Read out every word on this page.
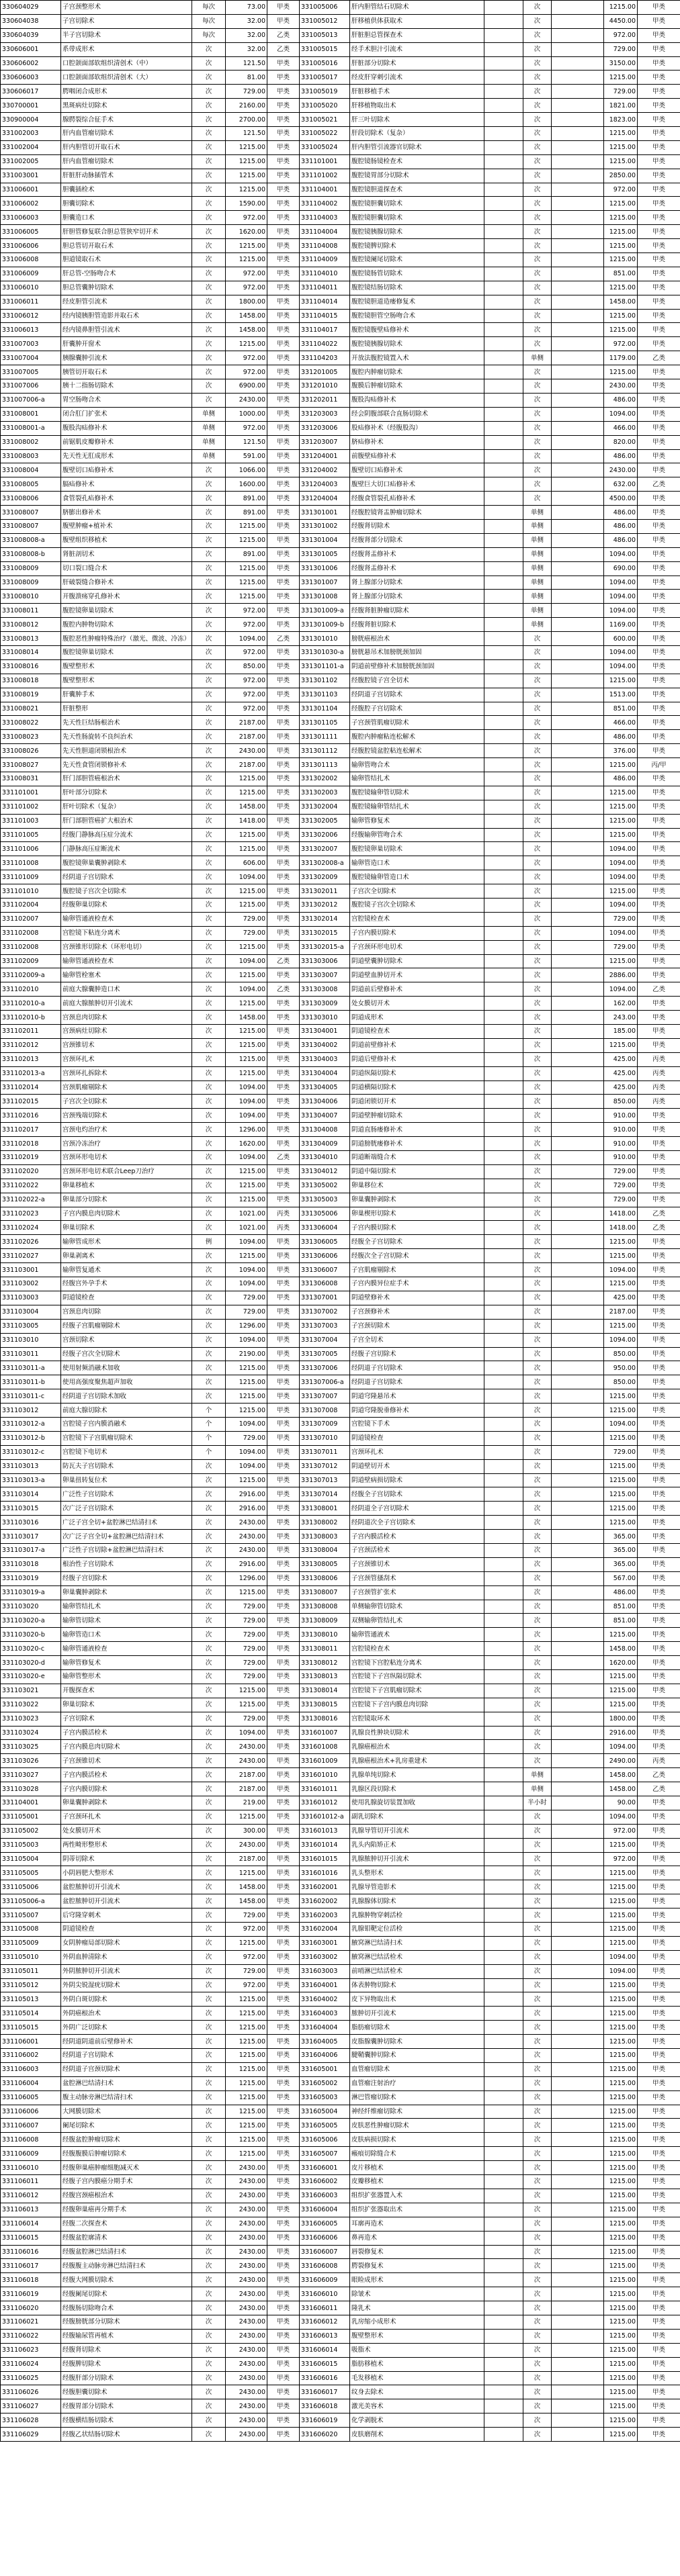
330604029	子宫颈整形术	每次	73.00	甲类	331005006	肝内胆管结石切除术		次		1215.00	甲类
330604038	子宫切除术	每次	32.00	甲类	331005012	肝移植供体获取术		次		4450.00	甲类
330604039	半子宫切除术	每次	32.00	乙类	331005013	肝脏胆总管探查术		次		972.00	甲类
330606001	系带成形术	次	32.00	乙类	331005015	经手术胆汁引流术		次		729.00	甲类
330606002	口腔颌面部软组织清创术（中）	次	121.50	甲类	331005016	肝脏部分切除术		次		3150.00	甲类
330606003	口腔颌面部软组织清创术（大）	次	81.00	甲类	331005017	经皮肝穿刺引流术		次		1215.00	甲类
330606017	腭咽闭合成形术	次	729.00	甲类	331005019	肝脏移植手术		次		729.00	甲类
330700001	黑斑病灶切除术	次	2160.00	甲类	331005020	肝移植物取出术		次		1821.00	甲类
330900004	腺腭裂综合征手术	次	2700.00	甲类	331005021	肝三叶切除术		次		1823.00	甲类
331002003	肝内血管瘤切除术	次	121.50	甲类	331005022	肝段切除术（复杂）		次		1215.00	甲类
331002004	肝内胆管切开取石术	次	1215.00	甲类	331005024	肝内胆管引流器官切除术		次		1215.00	甲类
331002005	肝内血管瘤切除术	次	1215.00	甲类	331101001	腹腔镜肠镜检查术		次		1215.00	甲类
331003001	肝脏肝动脉插管术	次	1215.00	甲类	331101002	腹腔镜胃部分切除术		次		2850.00	甲类
331006001	胆囊插检术	次	1215.00	甲类	331104001	腹腔镜胆道探查术		次		972.00	甲类
331006002	胆囊切除术	次	1590.00	甲类	331104002	腹腔镜胆囊切除术		次		1215.00	甲类
331006003	胆囊造口术	次	972.00	甲类	331104003	腹腔镜胆囊切除术		次		1215.00	甲类
331006005	肝胆管修复联合胆总管狭窄切开术	次	1620.00	甲类	331104004	腹腔镜胰腺切除术		次		1215.00	甲类
331006006	胆总管切开取石术	次	1215.00	甲类	331104008	腹腔镜脾切除术		次		1215.00	甲类
331006008	胆道镜取石术	次	1215.00	甲类	331104009	腹腔镜阑尾切除术		次		1215.00	甲类
331006009	肝总管-空肠吻合术	次	972.00	甲类	331104010	腹腔镜肠管切除术		次		851.00	甲类
331006010	胆总管囊肿切除术	次	972.00	甲类	331104011	腹腔镜结肠切除术		次		1215.00	甲类
331006011	经皮胆管引流术	次	1800.00	甲类	331104014	腹腔镜胆道造瘘修复术		次		1458.00	甲类
331006012	经内镜胰胆管造影并取石术	次	1458.00	甲类	331104015	腹腔镜胆管空肠吻合术		次		1215.00	甲类
331006013	经内镜鼻胆管引流术	次	1458.00	甲类	331104017	腹腔镜腹壁疝修补术		次		1215.00	甲类
331007003	肝囊肿开窗术	次	1215.00	甲类	331104022	腹腔镜胰腺切除术		次		972.00	甲类
331007004	胰腺囊肿引流术	次	972.00	甲类	331104203	开放法腹腔镜置入术		单侧		1179.00	乙类
331007005	胰管切开取石术	次	972.00	甲类	331201005	腹腔内肿瘤切除术		次		1215.00	甲类
331007006	胰十二指肠切除术	次	6900.00	甲类	331201010	腹膜后肿瘤切除术		次		2430.00	甲类
331007006-a	胃空肠吻合术	次	2430.00	甲类	331202011	腹股沟疝修补术		次		486.00	甲类
331008001	闭合肛门扩张术	单侧	1000.00	甲类	331203003	经会阴腹部联合直肠切除术		次		1094.00	甲类
331008001-a	腹股沟疝修补术	单侧	972.00	甲类	331203006	股疝修补术（经腹股沟）		次		466.00	甲类
331008002	前锯肌皮瓣修补术	单侧	121.50	甲类	331203007	脐疝修补术		次		820.00	甲类
331008003	先天性无肛成形术	单侧	591.00	甲类	331204001	前腹壁疝修补术		次		486.00	甲类
331008004	腹壁切口疝修补术	次	1066.00	甲类	331204002	腹壁切口疝修补术		次		2430.00	甲类
331008005	膈疝修补术	次	1600.00	甲类	331204003	腹壁巨大切口疝修补术		次		632.00	乙类
331008006	食管裂孔疝修补术	次	891.00	甲类	331204004	经腹食管裂孔疝修补术		次		4500.00	甲类
331008007	脐膨出修补术	次	891.00	甲类	331301001	经腹腔镜肾盂肿瘤切除术		单侧		486.00	甲类
331008007	腹壁肿瘤+植补术	次	1215.00	甲类	331301002	经腹肾切除术		单侧		486.00	甲类
331008008-a	腹壁组织移植术	次	1215.00	甲类	331301004	经腹肾部分切除术		单侧		486.00	甲类
331008008-b	肾脏剖切术	次	891.00	甲类	331301005	经腹肾盂修补术		单侧		1094.00	甲类
331008009	切口裂口缝合术	次	1215.00	甲类	331301006	经腹肾盂修补术		单侧		690.00	甲类
331008009	肝破裂缝合修补术	次	1215.00	甲类	331301007	肾上腺部分切除术		单侧		1094.00	甲类
331008010	开腹溃疡穿孔修补术	次	1215.00	甲类	331301008	肾上腺部分切除术		单侧		1094.00	甲类
331008011	腹腔镜卵巢切除术	次	972.00	甲类	331301009-a	经腹肾脏肿瘤切除术		单侧		1094.00	甲类
331008012	腹腔内肿物切除术	次	972.00	甲类	331301009-b	经腹肾脏切除术		单侧		1169.00	甲类
331008013	腹腔恶性肿瘤特殊治疗（激光、微波、冷冻）	次	1094.00	乙类	331301010	膀胱癌根治术		次		600.00	甲类
331008014	腹腔镜卵巢切除术	次	972.00	甲类	331301030-a	膀胱悬吊术加膀胱颈加固		次		1094.00	甲类
331008016	腹壁整形术	次	850.00	甲类	331301101-a	阴道前壁修补术加膀胱颈加固		次		1094.00	甲类
331008018	腹壁整形术	次	972.00	甲类	331301102	经腹腔镜子宫全切术		次		1215.00	甲类
331008019	肝囊肿手术	次	972.00	甲类	331301103	经阴道子宫切除术		次		1513.00	甲类
331008021	肝脏整形	次	972.00	甲类	331301104	经腹腔子宫切除术		次		851.00	甲类
331008022	先天性巨结肠根治术	次	2187.00	甲类	331301105	子宫颈管肌瘤切除术		次		466.00	甲类
331008023	先天性肠旋转不良纠治术	次	2187.00	甲类	331301111	腹腔内肿瘤粘连松解术		次		486.00	甲类
331008026	先天性胆道闭锁根治术	次	2430.00	甲类	331301112	经腹腔镜盆腔粘连松解术		次		376.00	甲类
331008027	先天性食管闭锁修补术	次	2187.00	甲类	331301113	输卵管吻合术		次		1215.00	丙/甲
331008031	肝门部胆管癌根治术	次	1215.00	甲类	331302002	输卵管结扎术		次		486.00	甲类
331101001	肝叶部分切除术	次	1215.00	甲类	331302003	腹腔镜输卵管切除术		次		1215.00	甲类
331101002	肝叶切除术（复杂）	次	1458.00	甲类	331302004	腹腔镜输卵管结扎术		次		1215.00	甲类
331101003	肝门部胆管癌扩大根治术	次	1418.00	甲类	331302005	输卵管修复术		次		1215.00	甲类
331101005	经腹门静脉高压症分流术	次	1215.00	甲类	331302006	经腹输卵管吻合术		次		1215.00	甲类
331101006	门静脉高压症断流术	次	1215.00	甲类	331302007	腹腔镜卵巢切除术		次		1094.00	甲类
331101008	腹腔镜卵巢囊肿剥除术	次	606.00	甲类	331302008-a	输卵管造口术		次		1094.00	甲类
331101009	经阴道子宫切除术	次	1094.00	甲类	331302009	腹腔镜输卵管造口术		次		1094.00	甲类
331101010	腹腔镜子宫次全切除术	次	1215.00	甲类	331302011	子宫次全切除术		次		1215.00	甲类
331102004	经腹卵巢切除术	次	1215.00	甲类	331302012	腹腔镜子宫次全切除术		次		1094.00	甲类
331102007	输卵管通液检查术	次	729.00	甲类	331302014	宫腔镜检查术		次		729.00	甲类
331102008	宫腔镜下粘连分离术	次	729.00	甲类	331302015	子宫内膜切除术		次		1094.00	甲类
331102008	宫颈锥形切除术（环形电切）	次	1215.00	甲类	331302015-a	子宫颈环形电切术		次		729.00	甲类
331102009	输卵管通液检查术	次	1094.00	乙类	331303006	阴道壁囊肿切除术		次		1215.00	甲类
331102009-a	输卵管栓塞术	次	1215.00	甲类	331303007	阴道壁血肿切开术		次		2886.00	甲类
331102010	前庭大腺囊肿造口术	次	1094.00	乙类	331303008	阴道前后壁修补术		次		1094.00	乙类
331102010-a	前庭大腺脓肿切开引流术	次	1215.00	甲类	331303009	处女膜切开术		次		162.00	甲类
331102010-b	宫颈息肉切除术	次	1458.00	甲类	331303010	阴道成形术		次		243.00	甲类
331102011	宫颈病灶切除术	次	1215.00	甲类	331304001	阴道镜检查术		次		185.00	甲类
331102012	宫颈锥切术	次	1215.00	甲类	331304002	阴道前壁修补术		次		1215.00	甲类
331102013	宫颈环扎术	次	1215.00	甲类	331304003	阴道后壁修补术		次		425.00	丙类
331102013-a	宫颈环扎拆除术	次	1215.00	甲类	331304004	阴道纵隔切除术		次		425.00	丙类
331102014	宫颈肌瘤剔除术	次	1094.00	甲类	331304005	阴道横隔切除术		次		425.00	丙类
331102015	子宫次全切除术	次	1094.00	甲类	331304006	阴道闭锁切开术		次		850.00	丙类
331102016	宫颈残端切除术	次	1094.00	甲类	331304007	阴道壁肿瘤切除术		次		910.00	甲类
331102017	宫颈电灼治疗术	次	1296.00	甲类	331304008	阴道直肠瘘修补术		次		910.00	甲类
331102018	宫颈冷冻治疗	次	1620.00	甲类	331304009	阴道膀胱瘘修补术		次		910.00	甲类
331102019	宫颈环形电切术	次	1094.00	乙类	331304010	阴道断端缝合术		次		910.00	甲类
331102020	宫颈环形电切术联合Leep刀治疗	次	1215.00	甲类	331304012	阴道中隔切除术		次		729.00	甲类
331102022	卵巢移植术	次	1215.00	甲类	331305002	卵巢移位术		次		729.00	甲类
331102022-a	卵巢部分切除术	次	1215.00	甲类	331305003	卵巢囊肿剥除术		次		729.00	甲类
331102023	子宫内膜息肉切除术	次	1021.00	丙类	331305006	卵巢楔形切除术		次		1418.00	乙类
331102024	卵巢切除术	次	1021.00	丙类	331306004	子宫内膜切除术		次		1418.00	乙类
331102026	输卵管成形术	例	1094.00	甲类	331306005	经腹全子宫切除术		次		1215.00	甲类
331102027	卵巢剥离术	次	1215.00	甲类	331306006	经腹次全子宫切除术		次		1215.00	甲类
331103001	输卵管复通术	次	1094.00	甲类	331306007	子宫肌瘤剔除术		次		1094.00	甲类
331103002	经腹宫外孕手术	次	1094.00	甲类	331306008	子宫内膜异位症手术		次		1215.00	甲类
331103003	阴道镜检查	次	729.00	甲类	331307001	阴道壁修补术		次		425.00	甲类
331103004	宫颈息肉切除	次	729.00	甲类	331307002	子宫颈修补术		次		2187.00	甲类
331103005	经腹子宫肌瘤剔除术	次	1296.00	甲类	331307003	子宫颈切除术		次		1215.00	甲类
331103010	宫颈切除术	次	1094.00	甲类	331307004	子宫全切术		次		1094.00	甲类
331103011	经腹子宫次全切除术	次	2190.00	甲类	331307005	经腹子宫切除术		次		850.00	甲类
331103011-a	使用射频消融术加收	次	1215.00	甲类	331307006	经阴道子宫切除术		次		950.00	甲类
331103011-b	使用高强度聚焦超声加收	次	1215.00	甲类	331307006-a	经阴道子宫切除术		次		850.00	甲类
331103011-c	经阴道子宫切除术加收	次	1215.00	甲类	331307007	阴道穹隆悬吊术		次		1215.00	甲类
331103012	前庭大腺切除术	个	1215.00	甲类	331307008	阴道穹隆脱垂修补术		次		1215.00	甲类
331103012-a	宫腔镜子宫内膜消融术	个	1094.00	甲类	331307009	宫腔镜下手术		次		1094.00	甲类
331103012-b	宫腔镜下子宫肌瘤切除术	个	729.00	甲类	331307010	阴道镜检查		次		1215.00	甲类
331103012-c	宫腔镜下电切术	个	1094.00	甲类	331307011	宫颈环扎术		次		729.00	甲类
331103013	防瓦夫子宫切除术	次	1094.00	甲类	331307012	阴道壁切开术		次		1215.00	甲类
331103013-a	卵巢扭转复位术	次	1215.00	甲类	331307013	阴道壁病损切除术		次		1215.00	甲类
331103014	广泛性子宫切除术	次	2916.00	甲类	331307014	经腹全子宫切除术		次		1215.00	甲类
331103015	次广泛子宫切除术	次	2916.00	甲类	331308001	经阴道全子宫切除术		次		1215.00	甲类
331103016	广泛子宫全切+盆腔淋巴结清扫术	次	2430.00	甲类	331308002	经阴道次全子宫切除术		次		1215.00	甲类
331103017	次广泛子宫全切+盆腔淋巴结清扫术	次	2430.00	甲类	331308003	子宫内膜活检术		次		365.00	甲类
331103017-a	广泛性子宫切除+盆腔淋巴结清扫术	次	2430.00	甲类	331308004	子宫颈活检术		次		365.00	甲类
331103018	根治性子宫切除术	次	2916.00	甲类	331308005	子宫颈锥切术		次		365.00	甲类
331103019	经腹子宫切除术	次	1296.00	甲类	331308006	子宫颈管搔刮术		次		567.00	甲类
331103019-a	卵巢囊肿剥除术	次	1215.00	甲类	331308007	子宫颈管扩张术		次		486.00	甲类
331103020	输卵管结扎术	次	729.00	甲类	331308008	单侧输卵管切除术		次		851.00	甲类
331103020-a	输卵管切除术	次	729.00	甲类	331308009	双侧输卵管结扎术		次		851.00	甲类
331103020-b	输卵管造口术	次	729.00	甲类	331308010	输卵管通液术		次		1215.00	甲类
331103020-c	输卵管通液检查	次	729.00	甲类	331308011	宫腔镜检查术		次		1458.00	甲类
331103020-d	输卵管修复术	次	729.00	甲类	331308012	宫腔镜下宫腔粘连分离术		次		1620.00	甲类
331103020-e	输卵管整形术	次	729.00	甲类	331308013	宫腔镜下子宫纵隔切除术		次		1215.00	甲类
331103021	开腹探查术	次	1215.00	甲类	331308014	宫腔镜下子宫肌瘤切除术		次		1215.00	甲类
331103022	卵巢切除术	次	1215.00	甲类	331308015	宫腔镜下子宫内膜息肉切除		次		1215.00	甲类
331103023	子宫切除术	次	729.00	甲类	331308016	宫腔镜取环术		次		1800.00	甲类
331103024	子宫内膜活检术	次	1094.00	甲类	331601007	乳腺良性肿块切除术		次		2916.00	甲类
331103025	子宫内膜息肉切除术	次	2430.00	甲类	331601008	乳腺癌根治术		次		1094.00	甲类
331103026	子宫颈锥切术	次	2430.00	甲类	331601009	乳腺癌根治术+乳房重建术		次		2490.00	丙类
331103027	子宫内膜活检术	次	2187.00	甲类	331601010	乳腺单纯切除术		单侧		1458.00	乙类
331103028	子宫内膜切除术	次	2187.00	甲类	331601011	乳腺区段切除术		单侧		1458.00	乙类
331104001	卵巢囊肿剥除术	次	219.00	甲类	331601012	使用乳腺旋切装置加收		半小时		90.00	甲类
331105001	子宫颈环扎术	次	1215.00	甲类	331601012-a	副乳切除术		次		1094.00	甲类
331105002	处女膜切开术	次	300.00	甲类	331601013	乳腺导管切开引流术		次		972.00	甲类
331105003	两性畸形整形术	次	2430.00	甲类	331601014	乳头内陷矫正术		次		1215.00	甲类
331105004	阴蒂切除术	次	2187.00	甲类	331601015	乳腺脓肿切开引流术		次		972.00	甲类
331105005	小阴唇肥大整形术	次	1215.00	甲类	331601016	乳头整形术		次		1215.00	甲类
331105006	盆腔脓肿切开引流术	次	1458.00	甲类	331602001	乳腺导管造影术		次		1215.00	甲类
331105006-a	盆腔脓肿切开引流术	次	1458.00	甲类	331602002	乳腺腺体切除术		次		1215.00	甲类
331105007	后穹隆穿刺术	次	729.00	甲类	331602003	乳腺肿物穿刺活检		次		1215.00	甲类
331105008	阴道镜检查	次	972.00	甲类	331602004	乳腺钼靶定位活检		次		1215.00	甲类
331105009	女阴肿瘤局部切除术	次	1215.00	甲类	331603001	腋窝淋巴结清扫术		次		1215.00	甲类
331105010	外阴血肿清除术	次	972.00	甲类	331603002	腋窝淋巴结活检术		次		1094.00	甲类
331105011	外阴脓肿切开引流术	次	729.00	甲类	331603003	前哨淋巴结活检术		次		1094.00	甲类
331105012	外阴尖锐湿疣切除术	次	972.00	甲类	331604001	体表肿物切除术		次		1215.00	甲类
331105013	外阴白斑切除术	次	1215.00	甲类	331604002	皮下异物取出术		次		1215.00	甲类
331105014	外阴癌根治术	次	1215.00	甲类	331604003	脓肿切开引流术		次		1215.00	甲类
331105015	外阴广泛切除术	次	1215.00	甲类	331604004	脂肪瘤切除术		次		1215.00	甲类
331106001	经阴道阴道前后壁修补术	次	1215.00	甲类	331604005	皮脂腺囊肿切除术		次		1215.00	甲类
331106002	经阴道子宫切除术	次	1215.00	甲类	331604006	腱鞘囊肿切除术		次		1215.00	甲类
331106003	经阴道子宫颈切除术	次	1215.00	甲类	331605001	血管瘤切除术		次		1215.00	甲类
331106004	盆腔淋巴结清扫术	次	1215.00	甲类	331605002	血管瘤注射治疗		次		1215.00	甲类
331106005	腹主动脉旁淋巴结清扫术	次	1215.00	甲类	331605003	淋巴管瘤切除术		次		1215.00	甲类
331106006	大网膜切除术	次	1215.00	甲类	331605004	神经纤维瘤切除术		次		1215.00	甲类
331106007	阑尾切除术	次	1215.00	甲类	331605005	皮肤恶性肿瘤切除术		次		1215.00	甲类
331106008	经腹盆腔肿瘤切除术	次	1215.00	甲类	331605006	皮肤病损切除术		次		1215.00	甲类
331106009	经腹腹膜后肿瘤切除术	次	1215.00	甲类	331605007	瘢痕切除缝合术		次		1215.00	甲类
331106010	经腹卵巢癌肿瘤细胞减灭术	次	2430.00	甲类	331606001	皮片移植术		次		1215.00	甲类
331106011	经腹子宫内膜癌分期手术	次	2430.00	甲类	331606002	皮瓣移植术		次		1215.00	甲类
331106012	经腹宫颈癌根治术	次	2430.00	甲类	331606003	组织扩张器置入术		次		1215.00	甲类
331106013	经腹卵巢癌再分期手术	次	2430.00	甲类	331606004	组织扩张器取出术		次		1215.00	甲类
331106014	经腹二次探查术	次	2430.00	甲类	331606005	耳廓再造术		次		1215.00	甲类
331106015	经腹盆腔廓清术	次	2430.00	甲类	331606006	鼻再造术		次		1215.00	甲类
331106016	经腹盆腔淋巴结清扫术	次	2430.00	甲类	331606007	唇裂修复术		次		1215.00	甲类
331106017	经腹腹主动脉旁淋巴结清扫术	次	2430.00	甲类	331606008	腭裂修复术		次		1215.00	甲类
331106018	经腹大网膜切除术	次	2430.00	甲类	331606009	眼睑成形术		次		1215.00	甲类
331106019	经腹阑尾切除术	次	2430.00	甲类	331606010	除皱术		次		1215.00	甲类
331106020	经腹肠切除吻合术	次	2430.00	甲类	331606011	隆乳术		次		1215.00	甲类
331106021	经腹膀胱部分切除术	次	2430.00	甲类	331606012	乳房缩小成形术		次		1215.00	甲类
331106022	经腹输尿管再植术	次	2430.00	甲类	331606013	腹壁整形术		次		1215.00	甲类
331106023	经腹肾切除术	次	2430.00	甲类	331606014	吸脂术		次		1215.00	甲类
331106024	经腹脾切除术	次	2430.00	甲类	331606015	脂肪移植术		次		1215.00	甲类
331106025	经腹肝部分切除术	次	2430.00	甲类	331606016	毛发移植术		次		1215.00	甲类
331106026	经腹胆囊切除术	次	2430.00	甲类	331606017	纹身去除术		次		1215.00	甲类
331106027	经腹胃部分切除术	次	2430.00	甲类	331606018	激光美容术		次		1215.00	甲类
331106028	经腹横结肠切除术	次	2430.00	甲类	331606019	化学剥脱术		次		1215.00	甲类
331106029	经腹乙状结肠切除术	次	2430.00	甲类	331606020	皮肤磨削术		次		1215.00	甲类
